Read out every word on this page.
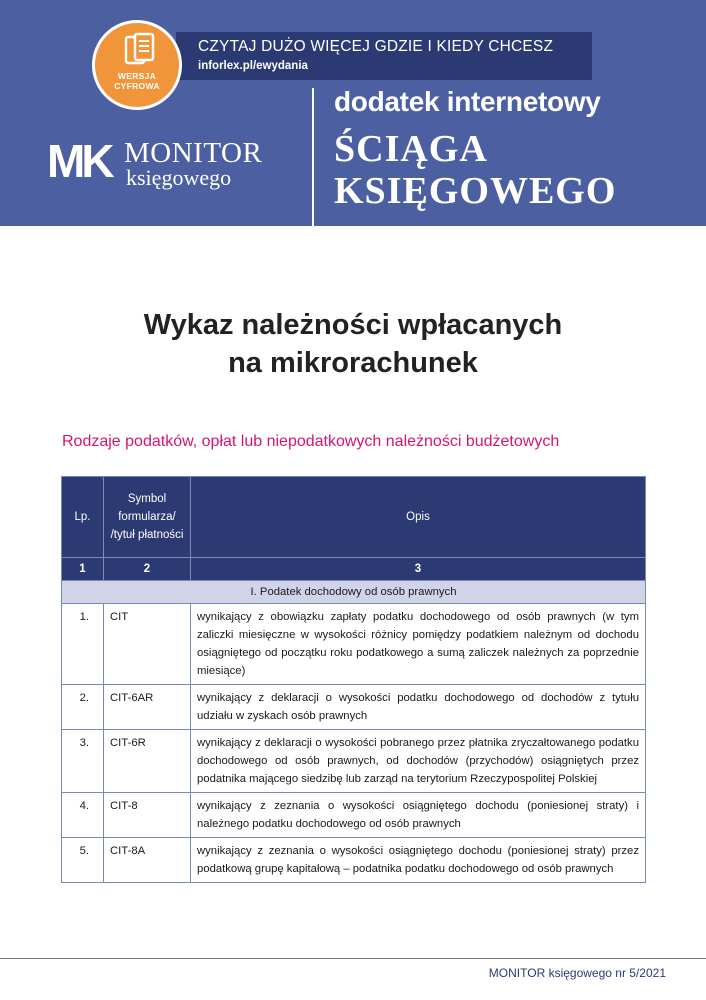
CZYTAJ DUŻO WIĘCEJ GDZIE I KIEDY CHCESZ
inforlex.pl/ewydania
WERSJA
CYFROWA
MK MONITOR
księgowego
dodatek internetowy
ŚCIĄGA
KSIĘGOWEGO
Wykaz należności wpłacanych
na mikrorachunek
Rodzaje podatków, opłat lub niepodatkowych należności budżetowych
Lp.	Symbol formularza/ /tytuł płatności	Opis
1	2	3
I. Podatek dochodowy od osób prawnych		
1.	CIT	wynikający z obowiązku zapłaty podatku dochodowego od osób prawnych (w tym zaliczki miesięczne w wysokości różnicy pomiędzy podatkiem należnym od dochodu osiągniętego od początku roku podatkowego a sumą zaliczek należnych za poprzednie miesiące)
2.	CIT-6AR	wynikający z deklaracji o wysokości podatku dochodowego od dochodów z tytułu udziału w zyskach osób prawnych
3.	CIT-6R	wynikający z deklaracji o wysokości pobranego przez płatnika zryczałtowanego podatku dochodowego od osób prawnych, od dochodów (przychodów) osiągniętych przez podatnika mającego siedzibę lub zarząd na terytorium Rzeczypospolitej Polskiej
4.	CIT-8	wynikający z zeznania o wysokości osiągniętego dochodu (poniesionej straty) i należnego podatku dochodowego od osób prawnych
5.	CIT-8A	wynikający z zeznania o wysokości osiągniętego dochodu (poniesionej straty) przez podatkową grupę kapitałową – podatnika podatku dochodowego od osób prawnych
MONITOR księgowego nr 5/2021
